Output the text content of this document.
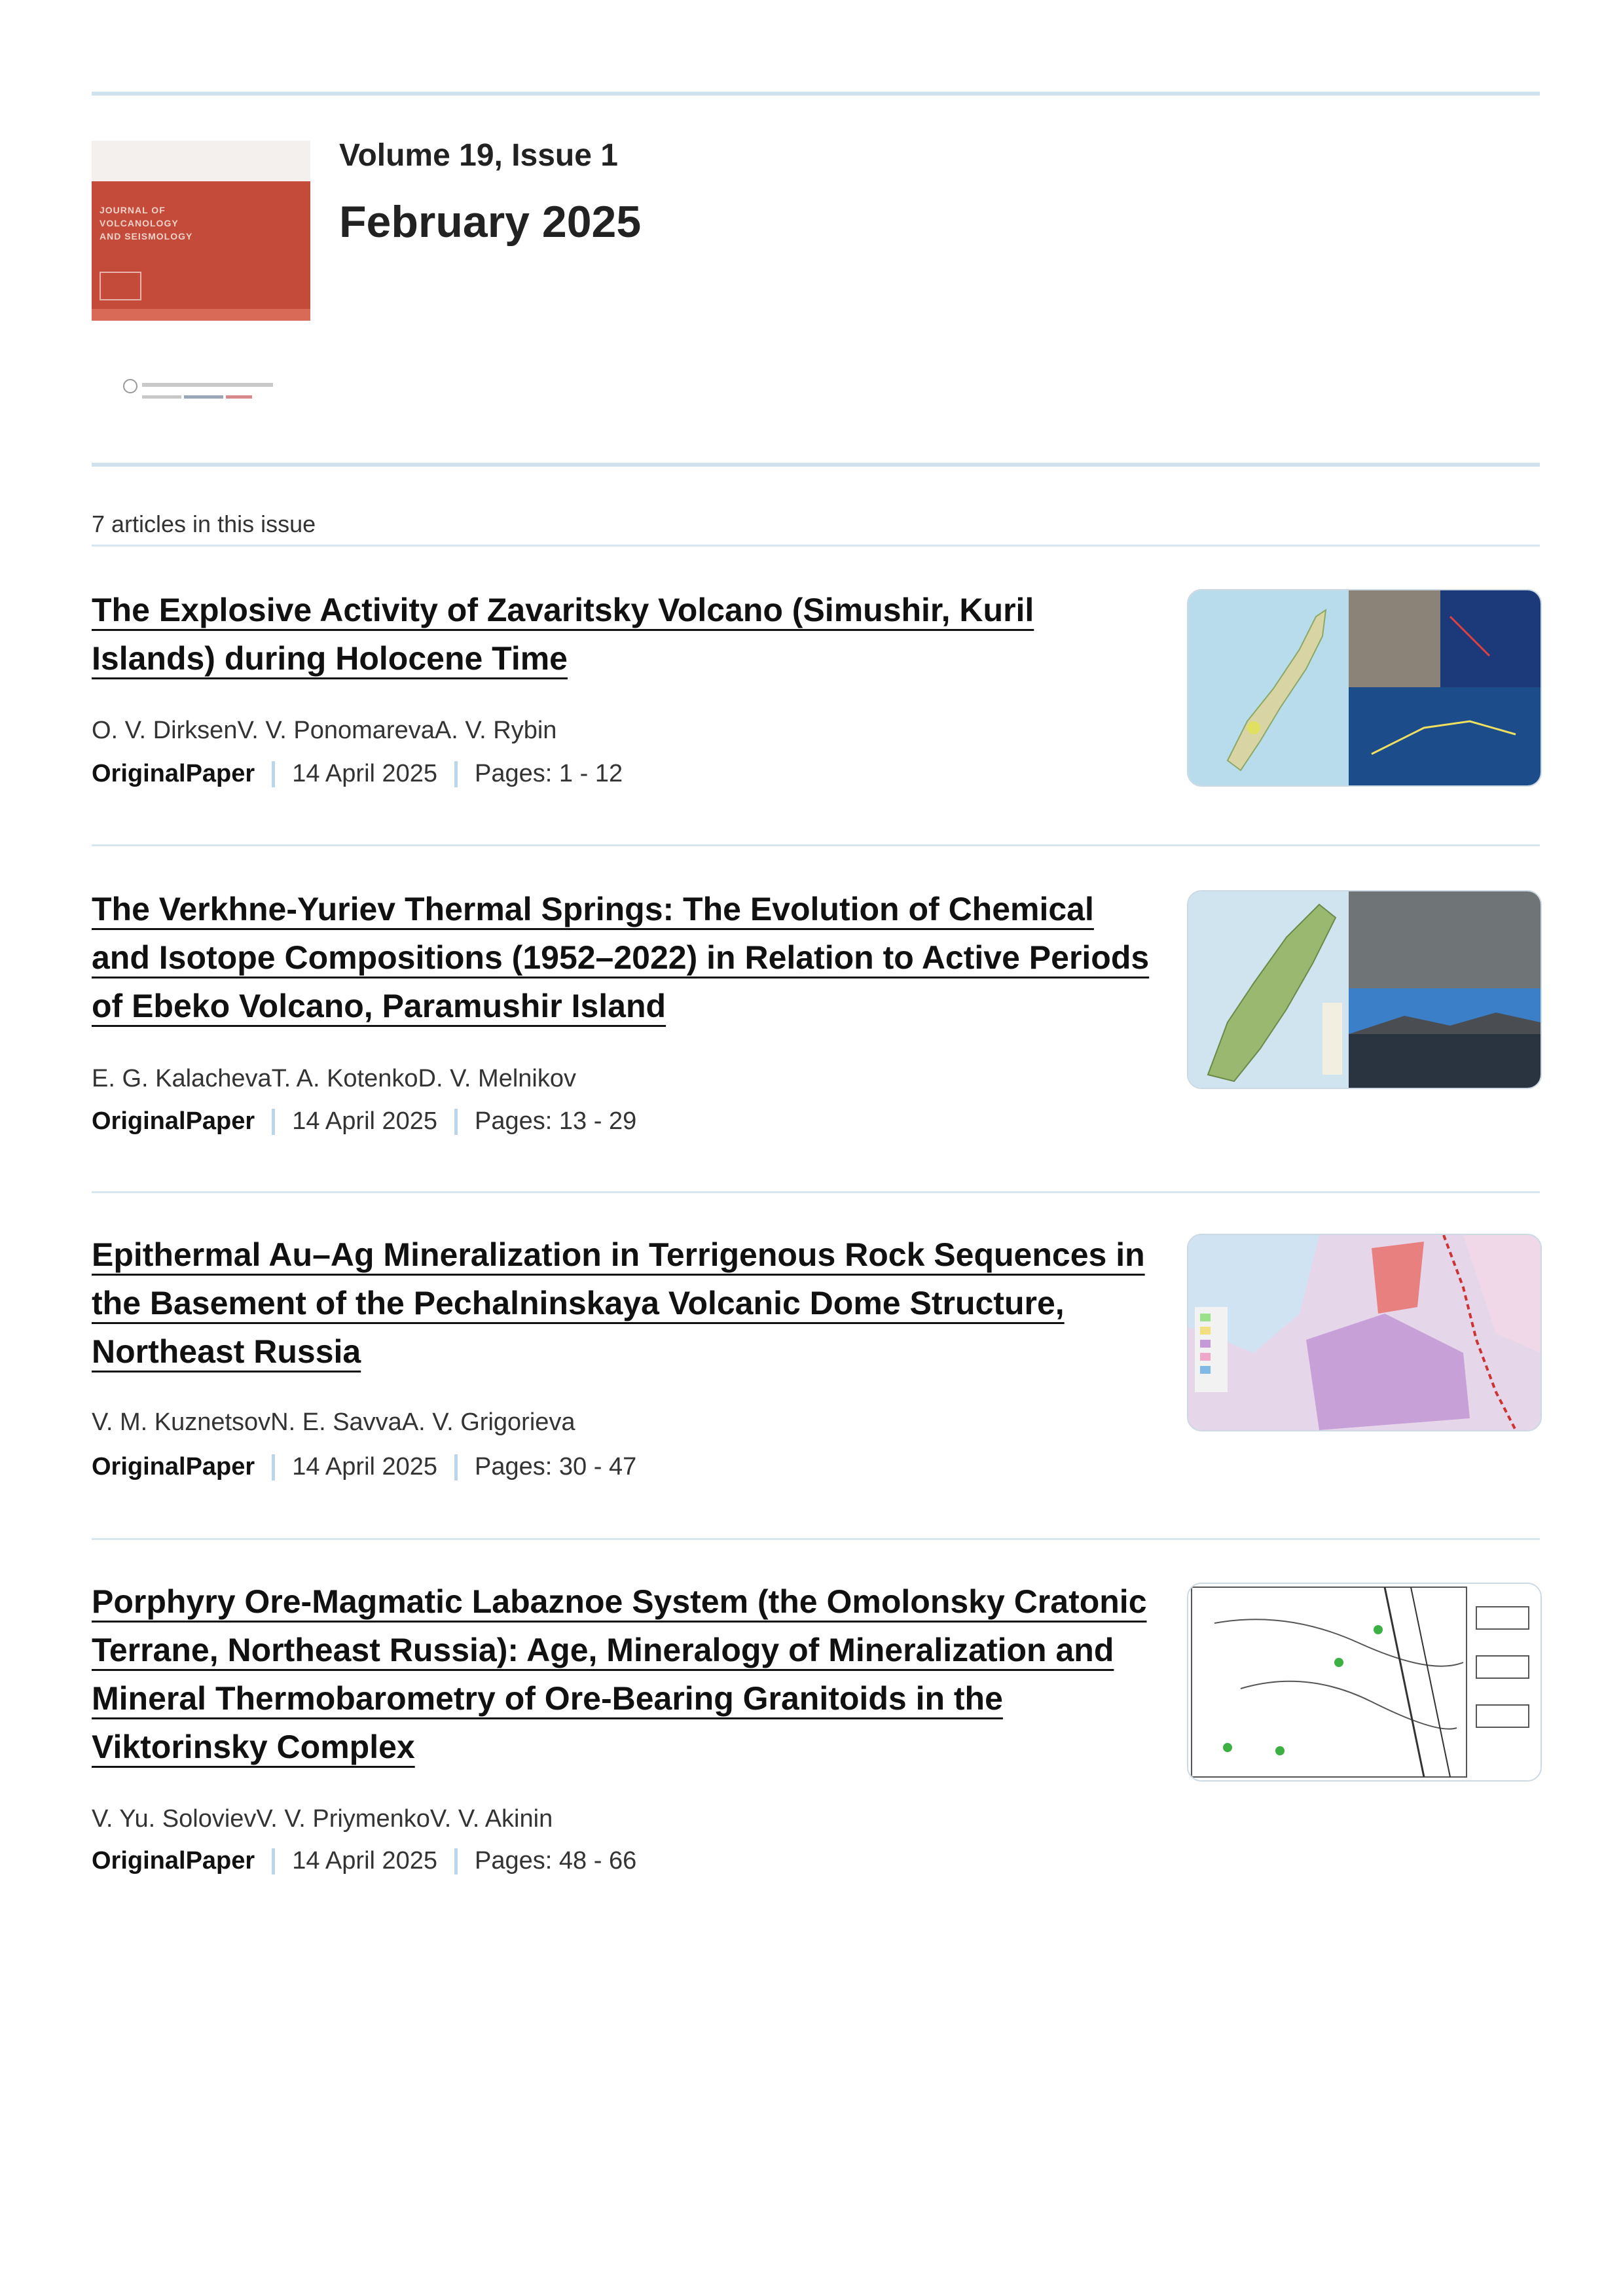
JOURNAL OF
VOLCANOLOGY
AND SEISMOLOGY
Volume 19, Issue 1
February 2025
7 articles in this issue
The Explosive Activity of Zavaritsky Volcano (Simushir, Kuril Islands) during Holocene Time
O. V. DirksenV. V. PonomarevaA. V. Rybin
OriginalPaper 14 April 2025 Pages: 1 - 12
The Verkhne-Yuriev Thermal Springs: The Evolution of Chemical and Isotope Compositions (1952–2022) in Relation to Active Periods of Ebeko Volcano, Paramushir Island
E. G. KalachevaT. A. KotenkoD. V. Melnikov
OriginalPaper 14 April 2025 Pages: 13 - 29
Epithermal Au–Ag Mineralization in Terrigenous Rock Sequences in the Basement of the Pechalninskaya Volcanic Dome Structure, Northeast Russia
V. M. KuznetsovN. E. SavvaA. V. Grigorieva
OriginalPaper 14 April 2025 Pages: 30 - 47
Porphyry Ore-Magmatic Labaznoe System (the Omolonsky Cratonic Terrane, Northeast Russia): Age, Mineralogy of Mineralization and Mineral Thermobarometry of Ore-Bearing Granitoids in the Viktorinsky Complex
V. Yu. SolovievV. V. PriymenkoV. V. Akinin
OriginalPaper 14 April 2025 Pages: 48 - 66
